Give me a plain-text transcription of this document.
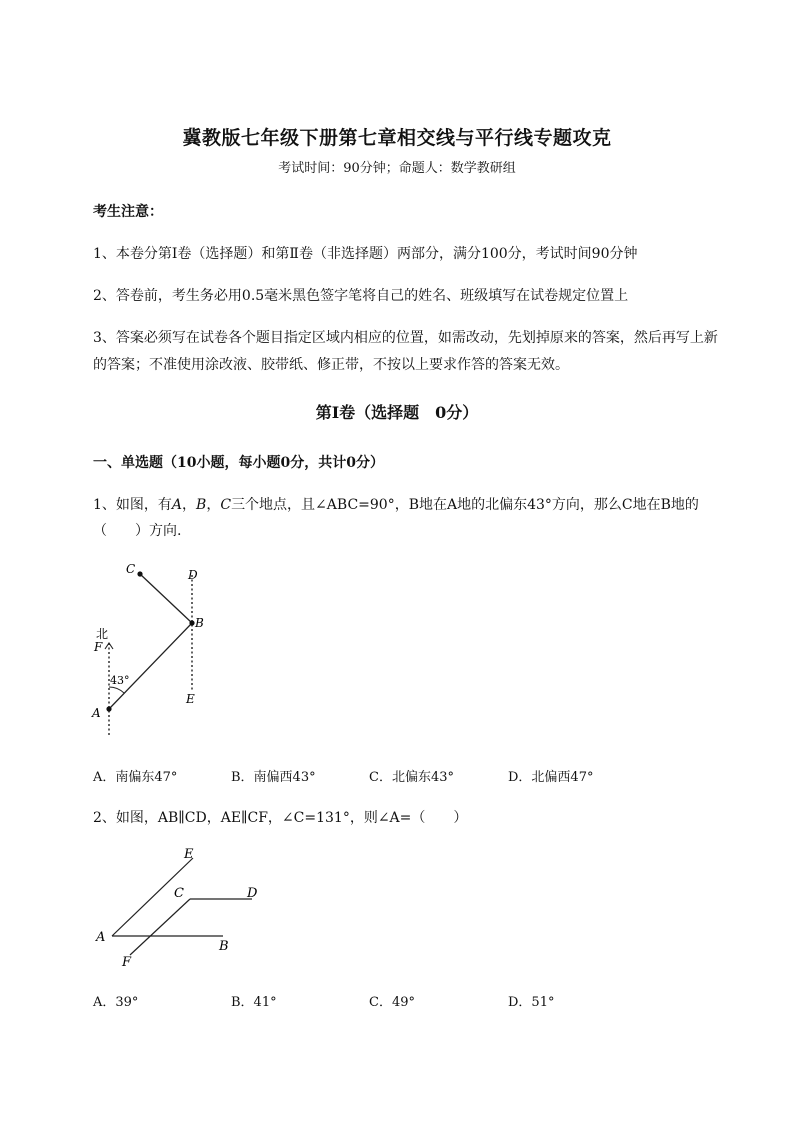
冀教版七年级下册第七章相交线与平行线专题攻克
考试时间：90分钟；命题人：数学教研组
考生注意：
1、本卷分第I卷（选择题）和第Ⅱ卷（非选择题）两部分，满分100分，考试时间90分钟
2、答卷前，考生务必用0.5毫米黑色签字笔将自己的姓名、班级填写在试卷规定位置上
3、答案必须写在试卷各个题目指定区域内相应的位置，如需改动，先划掉原来的答案，然后再写上新
的答案；不准使用涂改液、胶带纸、修正带，不按以上要求作答的答案无效。
第I卷（选择题　0分）
一、单选题（10小题，每小题0分，共计0分）
1、如图，有A，B，C三个地点，且∠ABC=90°，B地在A地的北偏东43°方向，那么C地在B地的
（　　）方向.
C	D
B
北
F
43°
A
E
A．南偏东47°	B．南偏西43°	C．北偏东43°	D．北偏西47°
2、如图，AB∥CD，AE∥CF，∠C=131°，则∠A=（　　）
E
C	D
A
B
F
A．39°	B．41°	C．49°	D．51°
